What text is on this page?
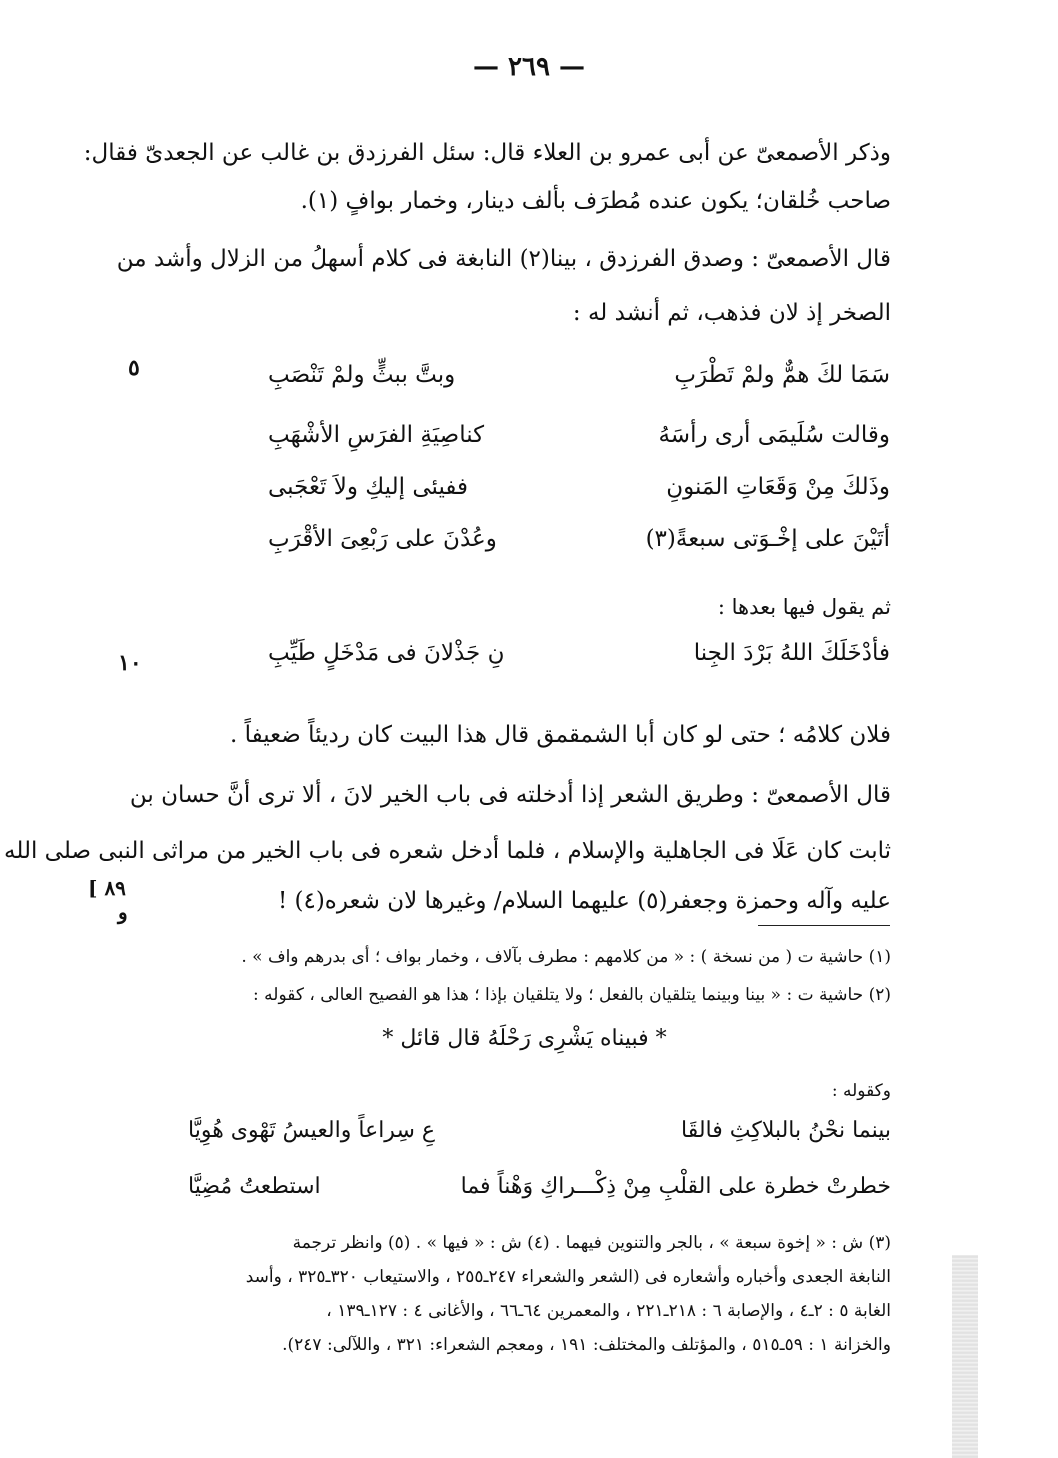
— ٢٦٩ —
وذكر الأصمعىّ عن أبى عمرو بن العلاء قال: سئل الفرزدق بن غالب عن الجعدىّ فقال:
صاحب خُلقان؛ يكون عنده مُطرَف بألف دينار، وخمار بوافٍ (١).
قال الأصمعىّ : وصدق الفرزدق ، بينا(٢) النابغة فى كلام أسهلُ من الزلال وأشد من
الصخر إذ لان فذهب، ثم أنشد له :
٥	سَمَا لكَ همٌّ ولمْ تَطْرَبِ
وبتَّ ببثٍّ ولمْ تَنْصَبِ
وقالت سُلَيمَى أرى رأسَهُ
كناصِيَةِ الفرَسِ الأشْهَبِ
وذَلكَ مِنْ وَقَعَاتِ المَنونِ
ففيئى إليكِ ولاَ تَعْجَبى
أتَيْنَ على إخْـوَتى سبعةً(٣)
وعُدْنَ على رَبْعِىَ الأقْرَبِ
ثم يقول فيها بعدها :
١٠	فأدْخَلَكَ اللهُ بَرْدَ الجِنا
نِ جَذْلانَ فى مَدْخَلٍ طَيِّبِ
فلان كلامُه ؛ حتى لو كان أبا الشمقمق قال هذا البيت كان رديئاً ضعيفاً .
قال الأصمعىّ : وطريق الشعر إذا أدخلته فى باب الخير لانَ ، ألا ترى أنَّ حسان بن
ثابت كان عَلَا فى الجاهلية والإسلام ، فلما أدخل شعره فى باب الخير من مراثى النبى صلى الله
عليه وآله وحمزة وجعفر(٥) عليهما السلام/ وغيرها لان شعره(٤) !
[ ٨٩
و
(١) حاشية ت ( من نسخة ) : « من كلامهم : مطرف بآلاف ، وخمار بواف ؛ أى بدرهم واف » .
(٢) حاشية ت : « بينا وبينما يتلقيان بالفعل ؛ ولا يتلقيان بإذا ؛ هذا هو الفصيح العالى ، كقوله :
* فبيناه يَشْرِى رَحْلَهُ قال قائل *
وكقوله :
بينما نحْنُ بالبلاكِثِ فالقَا
عِ سِراعاً والعيسُ تَهْوى هُوِيَّا
خطرتْ خطرة على القلْبِ مِنْ ذِكْـــراكِ وَهْناً فما
استطعتُ مُضِيَّا
(٣) ش : « إخوة سبعة » ، بالجر والتنوين فيهما . (٤) ش : « فيها » . (٥) وانظر ترجمة
النابغة الجعدى وأخباره وأشعاره فى (الشعر والشعراء ٢٤٧ـ٢٥٥ ، والاستيعاب ٣٢٠ـ٣٢٥ ، وأسد
الغابة ٥ : ٢ـ٤ ، والإصابة ٦ : ٢١٨ـ٢٢١ ، والمعمرين ٦٤ـ٦٦ ، والأغانى ٤ : ١٢٧ـ١٣٩ ،
والخزانة ١ : ٥٩ـ٥١٥ ، والمؤتلف والمختلف: ١٩١ ، ومعجم الشعراء: ٣٢١ ، واللآلى: ٢٤٧).
